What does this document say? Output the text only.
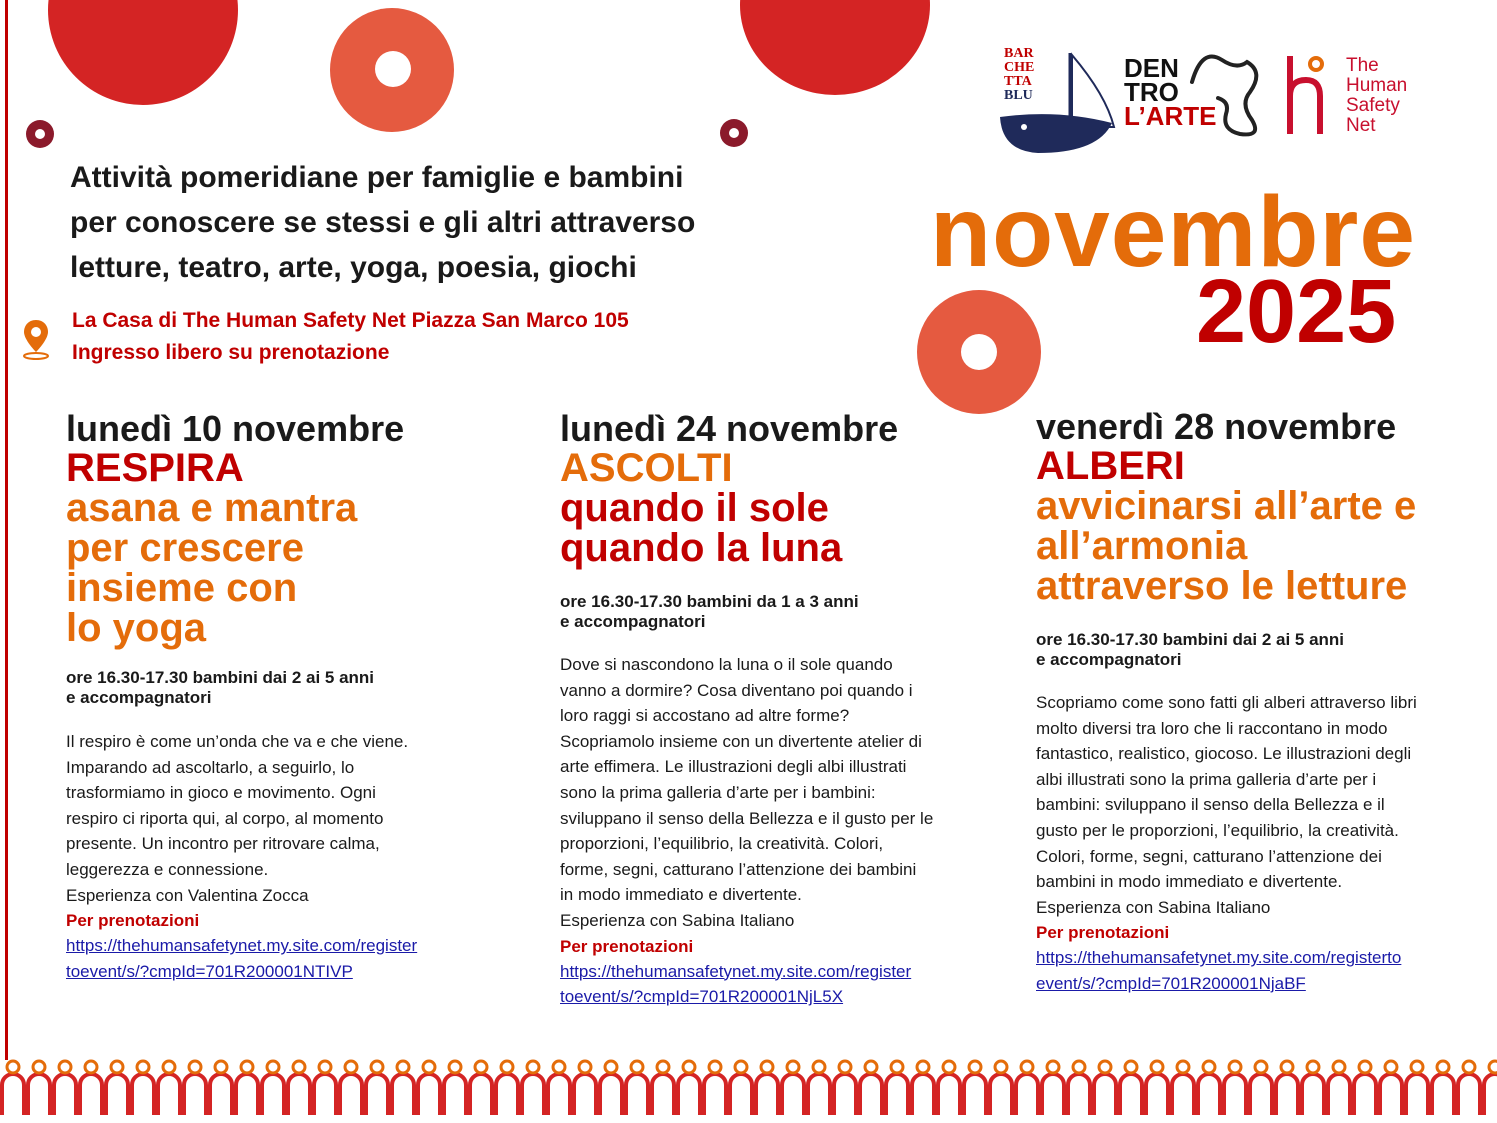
BAR
CHE
TTA
BLU
DEN
TRO
L’ARTE
The
Human
Safety
Net
Attività pomeridiane per famiglie e bambini
per conoscere se stessi e gli altri attraverso
letture, teatro, arte, yoga, poesia, giochi
La Casa di The Human Safety Net Piazza San Marco 105
Ingresso libero su prenotazione
novembre
2025
lunedì 10 novembre
RESPIRA
asana e mantra
per crescere
insieme con
lo yoga
ore 16.30-17.30 bambini dai 2 ai 5 anni
e accompagnatori
Il respiro è come un’onda che va e che viene.
Imparando ad ascoltarlo, a seguirlo, lo
trasformiamo in gioco e movimento. Ogni
respiro ci riporta qui, al corpo, al momento
presente. Un incontro per ritrovare calma,
leggerezza e connessione.
Esperienza con Valentina Zocca
Per prenotazioni
https://thehumansafetynet.my.site.com/register
toevent/s/?cmpId=701R200001NTIVP
lunedì 24 novembre
ASCOLTI
quando il sole
quando la luna
ore 16.30-17.30 bambini da 1 a 3 anni
e accompagnatori
Dove si nascondono la luna o il sole quando
vanno a dormire? Cosa diventano poi quando i
loro raggi si accostano ad altre forme?
Scopriamolo insieme con un divertente atelier di
arte effimera. Le illustrazioni degli albi illustrati
sono la prima galleria d’arte per i bambini:
sviluppano il senso della Bellezza e il gusto per le
proporzioni, l’equilibrio, la creatività. Colori,
forme, segni, catturano l’attenzione dei bambini
in modo immediato e divertente.
Esperienza con Sabina Italiano
Per prenotazioni
https://thehumansafetynet.my.site.com/register
toevent/s/?cmpId=701R200001NjL5X
venerdì 28 novembre
ALBERI
avvicinarsi all’arte e
all’armonia
attraverso le letture
ore 16.30-17.30 bambini dai 2 ai 5 anni
e accompagnatori
Scopriamo come sono fatti gli alberi attraverso libri
molto diversi tra loro che li raccontano in modo
fantastico, realistico, giocoso. Le illustrazioni degli
albi illustrati sono la prima galleria d’arte per i
bambini: sviluppano il senso della Bellezza e il
gusto per le proporzioni, l’equilibrio, la creatività.
Colori, forme, segni, catturano l’attenzione dei
bambini in modo immediato e divertente.
Esperienza con Sabina Italiano
Per prenotazioni
https://thehumansafetynet.my.site.com/registerto
event/s/?cmpId=701R200001NjaBF
